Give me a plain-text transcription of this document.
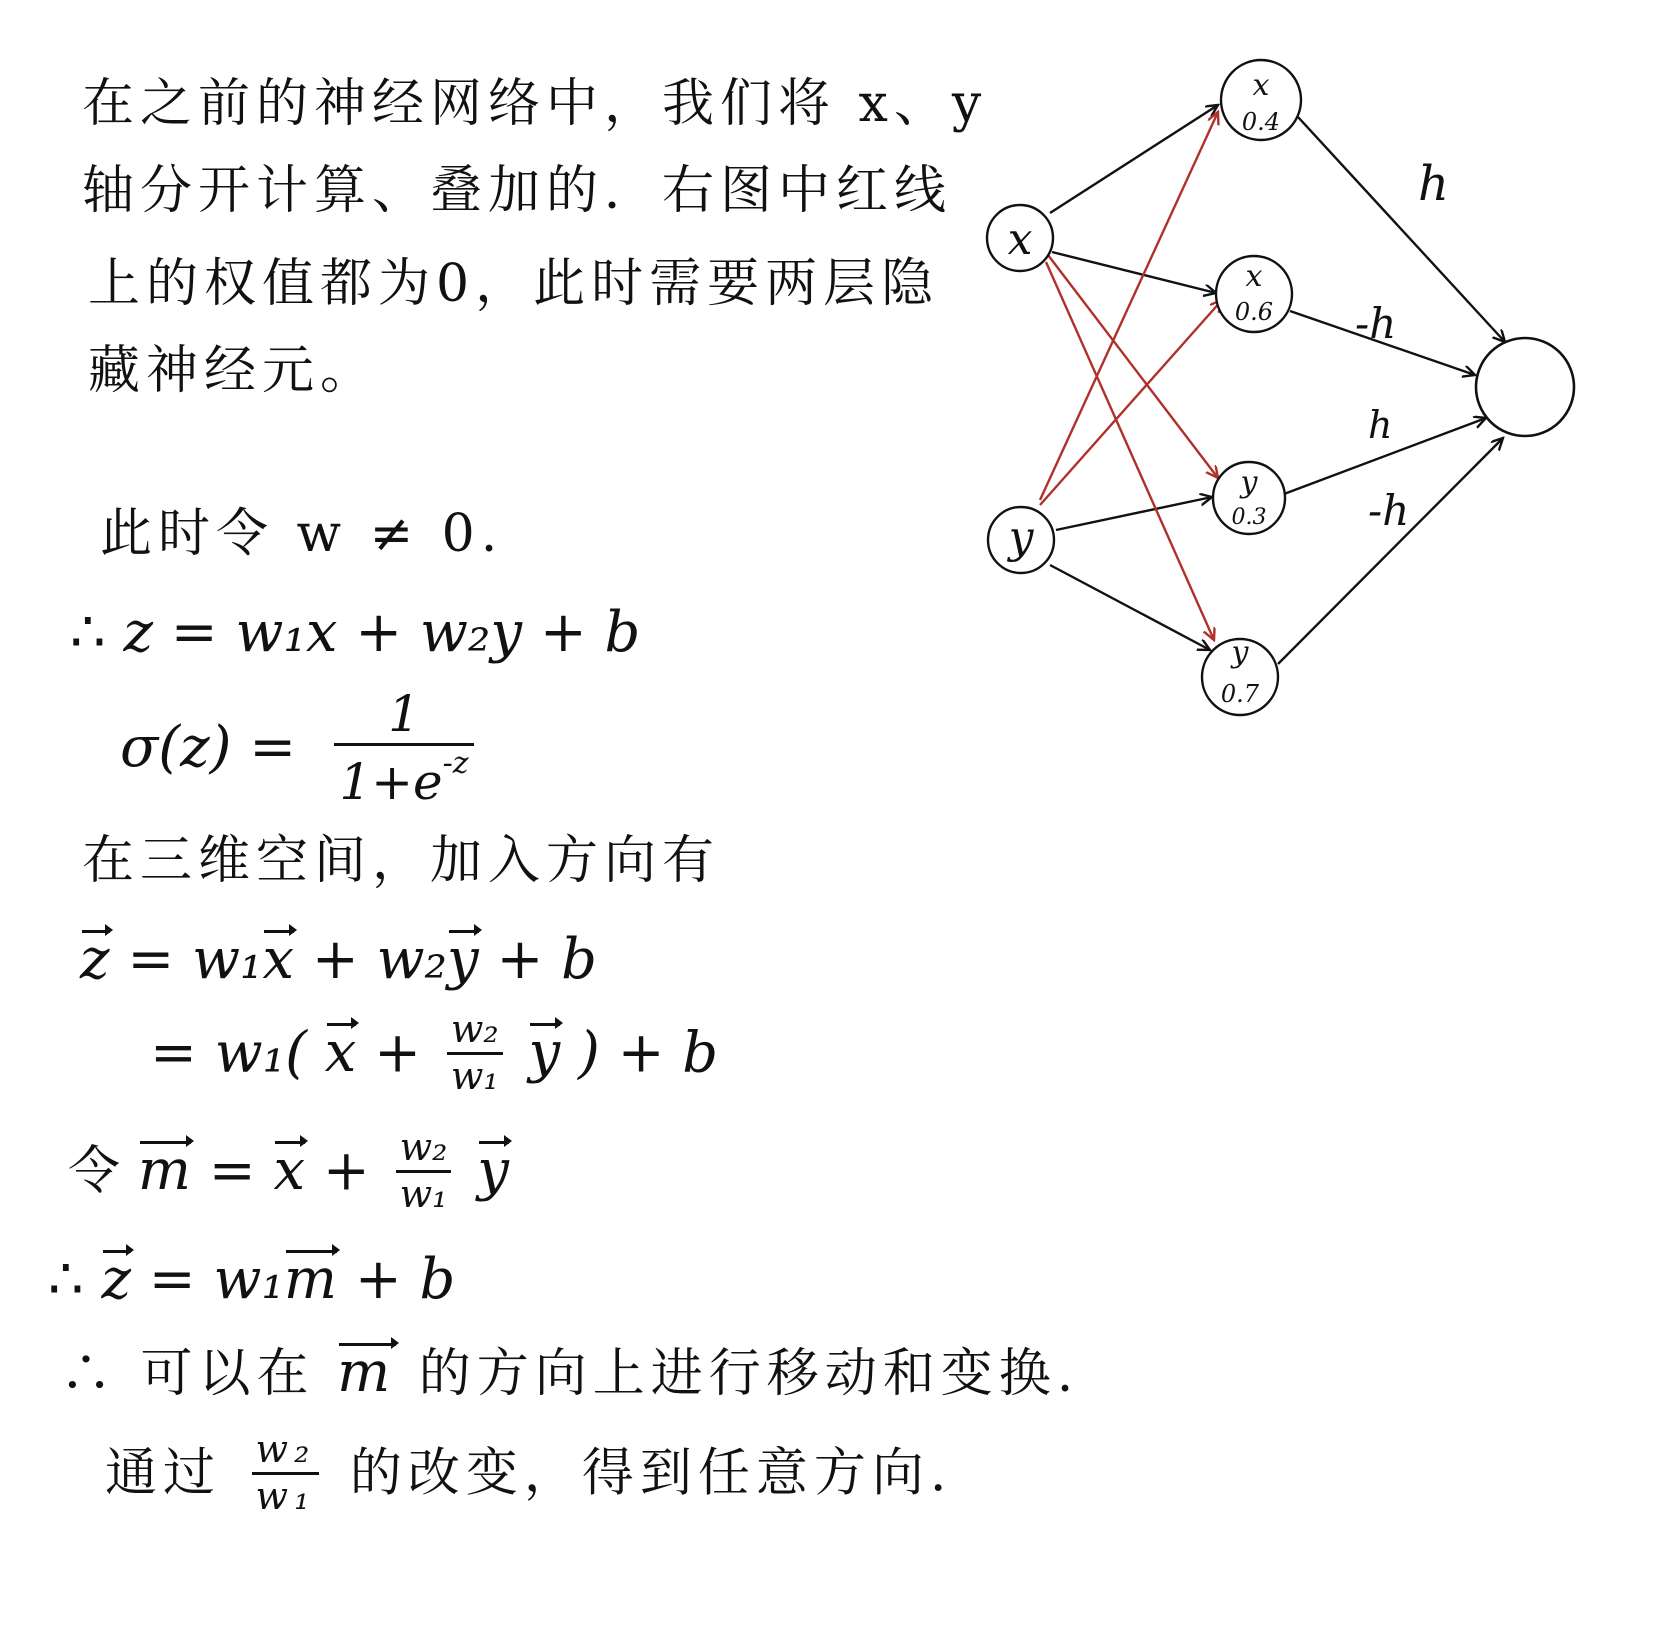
在之前的神经网络中，我们将 x、y
轴分开计算、叠加的．右图中红线
上的权值都为0，此时需要两层隐
藏神经元。
此时令 w ≠ 0.
∴ z = w₁x + w₂y + b
$\sigma(z) = \frac{1}{1+e^{-z}}$
在三维空间，加入方向有
z = w₁x + w₂y + b
= w₁( $x + \frac{\text{w₂}}{\text{w₁}}$ y ) + b
令 $m = x + \frac{\text{w₂}}{\text{w₁}}$ y
∴ z = w₁m + b
∴ 可以在 m 的方向上进行移动和变换.
通过 $\frac{\text{w₂}}{\text{w₁}}$ 的改变，得到任意方向.
x
y
x
0.4
x
0.6
y
0.3
y
0.7
h
-h
h
-h
